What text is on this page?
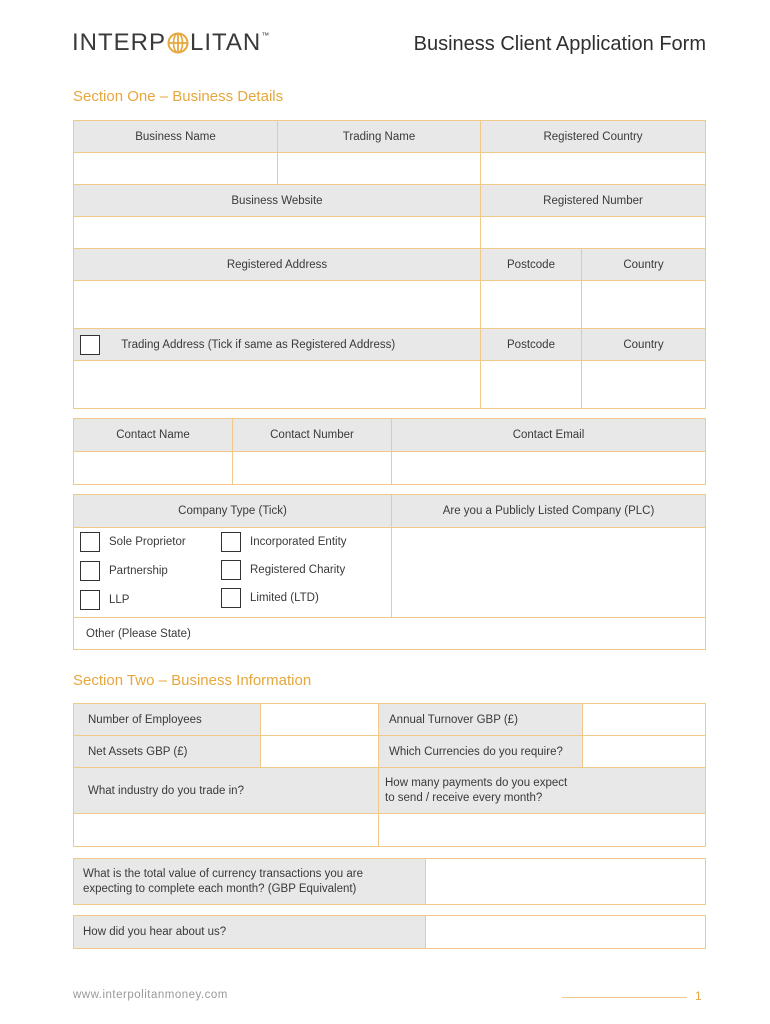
INTERP LITAN ™	Business Client Application Form
Section One – Business Details
Business Name	Trading Name	Registered Country	

Business Website		Registered Number	

Registered Address		Postcode	Country

Trading Address (Tick if same as Registered Address)		Postcode	Country

Contact Name	Contact Number	Contact Email

Company Type (Tick)	Are you a Publicly Listed Company (PLC)

Other (Please State)	
Sole Proprietor
Partnership
LLP
Incorporated Entity
Registered Charity
Limited (LTD)
Section Two – Business Information
Number of Employees		Annual Turnover GBP (£)	
Net Assets GBP (£)		Which Currencies do you require?	
What industry do you trade in?		How many payments do you expect
to send / receive every month?	

What is the total value of currency transactions you are
expecting to complete each month? (GBP Equivalent)

How did you hear about us?	
www.interpolitanmoney.com	1
